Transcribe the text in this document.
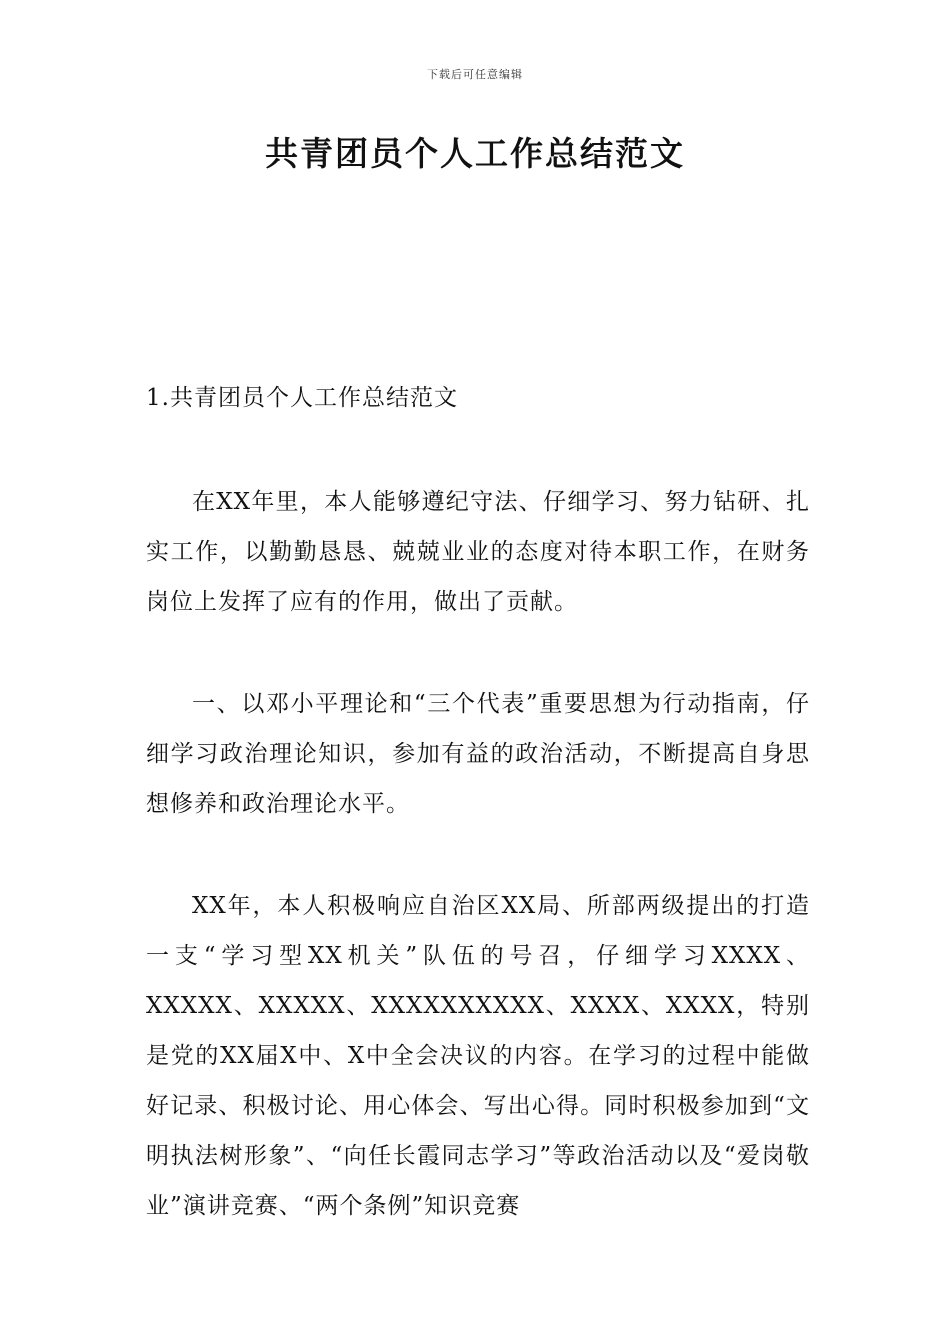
下载后可任意编辑
共青团员个人工作总结范文

1.共青团员个人工作总结范文

在XX年里，本人能够遵纪守法、仔细学习、努力钻研、扎实工作，以勤勤恳恳、兢兢业业的态度对待本职工作，在财务岗位上发挥了应有的作用，做出了贡献。

一、以邓小平理论和“三个代表”重要思想为行动指南，仔细学习政治理论知识，参加有益的政治活动，不断提高自身思想修养和政治理论水平。

XX年，本人积极响应自治区XX局、所部两级提出的打造一支“学习型XX机关”队伍的号召，仔细学习XXXX、XXXXX、XXXXX、XXXXXXXXXX、XXXX、XXXX，特别是党的XX届X中、X中全会决议的内容。在学习的过程中能做好记录、积极讨论、用心体会、写出心得。同时积极参加到“文明执法树形象”、“向任长霞同志学习”等政治活动以及“爱岗敬业”演讲竞赛、“两个条例”知识竞赛
